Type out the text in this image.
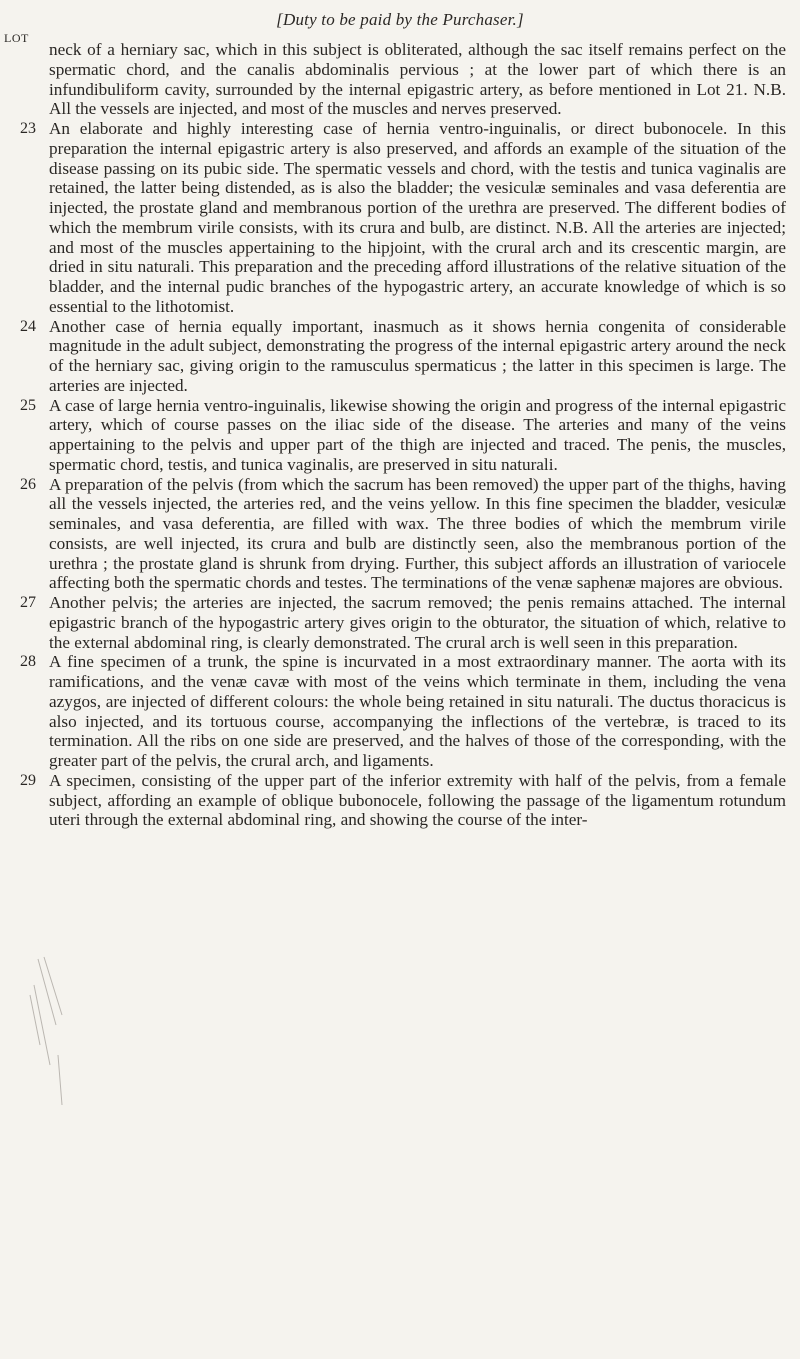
[Duty to be paid by the Purchaser.]
LOT
neck of a herniary sac, which in this subject is obliterated, although the sac itself remains perfect on the spermatic chord, and the canalis abdominalis pervious ; at the lower part of which there is an infundibuliform cavity, surrounded by the internal epigastric artery, as before mentioned in Lot 21. N.B. All the vessels are injected, and most of the muscles and nerves preserved.
23 An elaborate and highly interesting case of hernia ventro-inguinalis, or direct bubonocele. In this preparation the internal epigastric artery is also preserved, and affords an example of the situation of the disease passing on its pubic side. The spermatic vessels and chord, with the testis and tunica vaginalis are retained, the latter being distended, as is also the bladder; the vesiculæ seminales and vasa deferentia are injected, the prostate gland and membranous portion of the urethra are preserved. The different bodies of which the membrum virile consists, with its crura and bulb, are distinct. N.B. All the arteries are injected; and most of the muscles appertaining to the hipjoint, with the crural arch and its crescentic margin, are dried in situ naturali. This preparation and the preceding afford illustrations of the relative situation of the bladder, and the internal pudic branches of the hypogastric artery, an accurate knowledge of which is so essential to the lithotomist.
24 Another case of hernia equally important, inasmuch as it shows hernia congenita of considerable magnitude in the adult subject, demonstrating the progress of the internal epigastric artery around the neck of the herniary sac, giving origin to the ramusculus spermaticus ; the latter in this specimen is large. The arteries are injected.
25 A case of large hernia ventro-inguinalis, likewise showing the origin and progress of the internal epigastric artery, which of course passes on the iliac side of the disease. The arteries and many of the veins appertaining to the pelvis and upper part of the thigh are injected and traced. The penis, the muscles, spermatic chord, testis, and tunica vaginalis, are preserved in situ naturali.
26 A preparation of the pelvis (from which the sacrum has been removed) the upper part of the thighs, having all the vessels injected, the arteries red, and the veins yellow. In this fine specimen the bladder, vesiculæ seminales, and vasa deferentia, are filled with wax. The three bodies of which the membrum virile consists, are well injected, its crura and bulb are distinctly seen, also the membranous portion of the urethra ; the prostate gland is shrunk from drying. Further, this subject affords an illustration of variocele affecting both the spermatic chords and testes. The terminations of the venæ saphenæ majores are obvious.
27 Another pelvis; the arteries are injected, the sacrum removed; the penis remains attached. The internal epigastric branch of the hypogastric artery gives origin to the obturator, the situation of which, relative to the external abdominal ring, is clearly demonstrated. The crural arch is well seen in this preparation.
28 A fine specimen of a trunk, the spine is incurvated in a most extraordinary manner. The aorta with its ramifications, and the venæ cavæ with most of the veins which terminate in them, including the vena azygos, are injected of different colours: the whole being retained in situ naturali. The ductus thoracicus is also injected, and its tortuous course, accompanying the inflections of the vertebræ, is traced to its termination. All the ribs on one side are preserved, and the halves of those of the corresponding, with the greater part of the pelvis, the crural arch, and ligaments.
29 A specimen, consisting of the upper part of the inferior extremity with half of the pelvis, from a female subject, affording an example of oblique bubonocele, following the passage of the ligamentum rotundum uteri through the external abdominal ring, and showing the course of the inter-
